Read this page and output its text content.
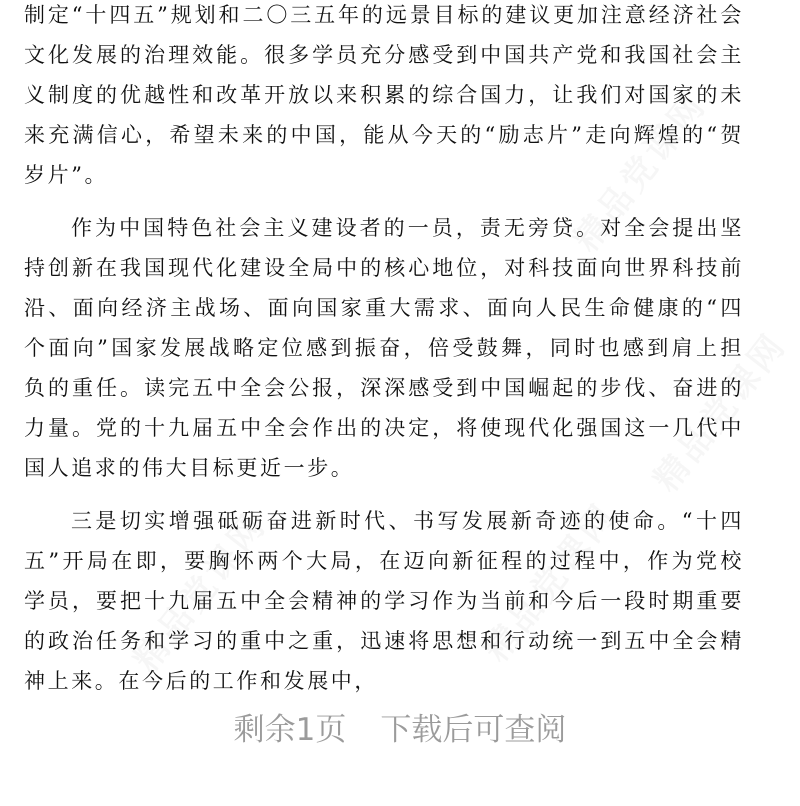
制定“十四五”规划和二〇三五年的远景目标的建议更加注意经济社会文化发展的治理效能。很多学员充分感受到中国共产党和我国社会主义制度的优越性和改革开放以来积累的综合国力，让我们对国家的未来充满信心，希望未来的中国，能从今天的“励志片”走向辉煌的“贺岁片”。

作为中国特色社会主义建设者的一员，责无旁贷。对全会提出坚持创新在我国现代化建设全局中的核心地位，对科技面向世界科技前沿、面向经济主战场、面向国家重大需求、面向人民生命健康的“四个面向”国家发展战略定位感到振奋，倍受鼓舞，同时也感到肩上担负的重任。读完五中全会公报，深深感受到中国崛起的步伐、奋进的力量。党的十九届五中全会作出的决定，将使现代化强国这一几代中国人追求的伟大目标更近一步。

三是切实增强砥砺奋进新时代、书写发展新奇迹的使命。“十四五”开局在即，要胸怀两个大局，在迈向新征程的过程中，作为党校学员，要把十九届五中全会精神的学习作为当前和今后一段时期重要的政治任务和学习的重中之重，迅速将思想和行动统一到五中全会精神上来。在今后的工作和发展中，

剩余1页 下载后可查阅
